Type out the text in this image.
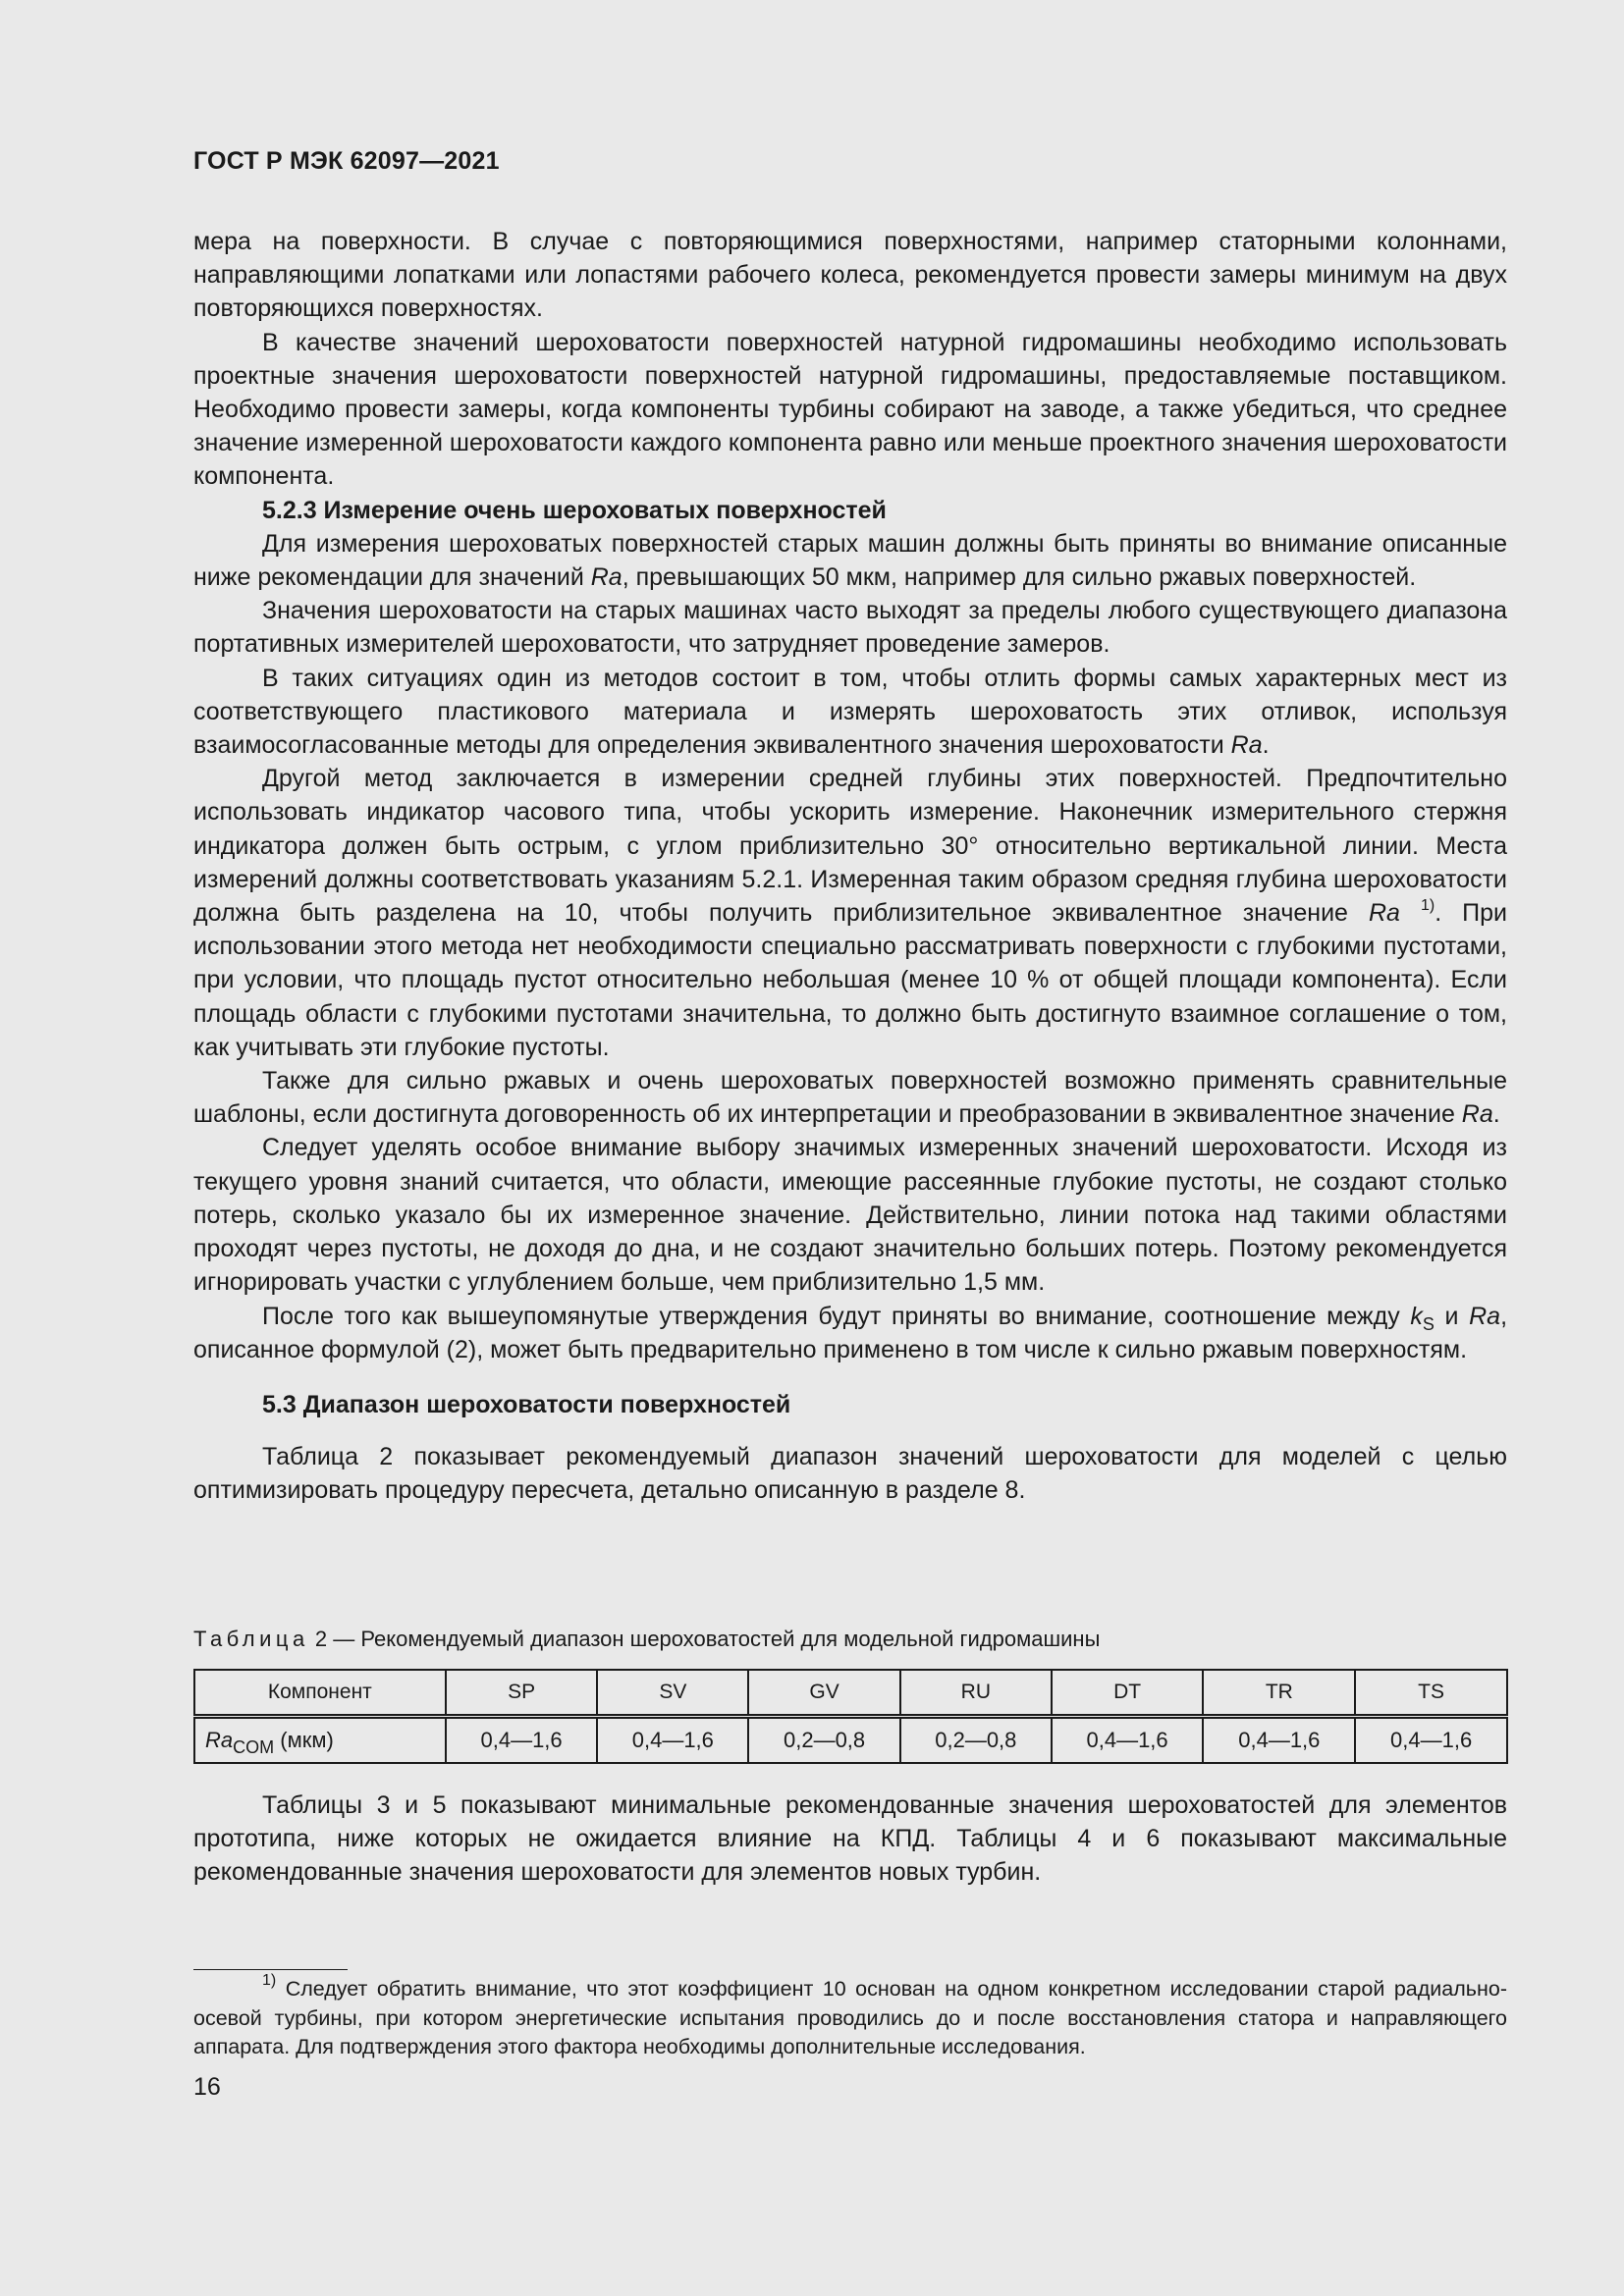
ГОСТ Р МЭК 62097—2021

мера на поверхности. В случае с повторяющимися поверхностями, например статорными колоннами, направляющими лопатками или лопастями рабочего колеса, рекомендуется провести замеры минимум на двух повторяющихся поверхностях.

В качестве значений шероховатости поверхностей натурной гидромашины необходимо использовать проектные значения шероховатости поверхностей натурной гидромашины, предоставляемые поставщиком. Необходимо провести замеры, когда компоненты турбины собирают на заводе, а также убедиться, что среднее значение измеренной шероховатости каждого компонента равно или меньше проектного значения шероховатости компонента.

5.2.3 Измерение очень шероховатых поверхностей

Для измерения шероховатых поверхностей старых машин должны быть приняты во внимание описанные ниже рекомендации для значений Ra, превышающих 50 мкм, например для сильно ржавых поверхностей.

Значения шероховатости на старых машинах часто выходят за пределы любого существующего диапазона портативных измерителей шероховатости, что затрудняет проведение замеров.

В таких ситуациях один из методов состоит в том, чтобы отлить формы самых характерных мест из соответствующего пластикового материала и измерять шероховатость этих отливок, используя взаимосогласованные методы для определения эквивалентного значения шероховатости Ra.

Другой метод заключается в измерении средней глубины этих поверхностей. Предпочтительно использовать индикатор часового типа, чтобы ускорить измерение. Наконечник измерительного стержня индикатора должен быть острым, с углом приблизительно 30° относительно вертикальной линии. Места измерений должны соответствовать указаниям 5.2.1. Измеренная таким образом средняя глубина шероховатости должна быть разделена на 10, чтобы получить приблизительное эквивалентное значение Ra $^{1)}$. При использовании этого метода нет необходимости специально рассматривать поверхности с глубокими пустотами, при условии, что площадь пустот относительно небольшая (менее 10 % от общей площади компонента). Если площадь области с глубокими пустотами значительна, то должно быть достигнуто взаимное соглашение о том, как учитывать эти глубокие пустоты.

Также для сильно ржавых и очень шероховатых поверхностей возможно применять сравнительные шаблоны, если достигнута договоренность об их интерпретации и преобразовании в эквивалентное значение Ra.

Следует уделять особое внимание выбору значимых измеренных значений шероховатости. Исходя из текущего уровня знаний считается, что области, имеющие рассеянные глубокие пустоты, не создают столько потерь, сколько указало бы их измеренное значение. Действительно, линии потока над такими областями проходят через пустоты, не доходя до дна, и не создают значительно больших потерь. Поэтому рекомендуется игнорировать участки с углублением больше, чем приблизительно 1,5 мм.

После того как вышеупомянутые утверждения будут приняты во внимание, соотношение между $k_S$ и Ra, описанное формулой (2), может быть предварительно применено в том числе к сильно ржавым поверхностям.

5.3 Диапазон шероховатости поверхностей

Таблица 2 показывает рекомендуемый диапазон значений шероховатости для моделей с целью оптимизировать процедуру пересчета, детально описанную в разделе 8.

Таблица 2 — Рекомендуемый диапазон шероховатостей для модельной гидромашины
Компонент	SP	SV	GV	RU	DT	TR	TS
$Ra_{COM}$ (мкм)	0,4—1,6	0,4—1,6	0,2—0,8	0,2—0,8	0,4—1,6	0,4—1,6	0,4—1,6

Таблицы 3 и 5 показывают минимальные рекомендованные значения шероховатостей для элементов прототипа, ниже которых не ожидается влияние на КПД. Таблицы 4 и 6 показывают максимальные рекомендованные значения шероховатости для элементов новых турбин.

$^{1)}$ Следует обратить внимание, что этот коэффициент 10 основан на одном конкретном исследовании старой радиально-осевой турбины, при котором энергетические испытания проводились до и после восстановления статора и направляющего аппарата. Для подтверждения этого фактора необходимы дополнительные исследования.

16
